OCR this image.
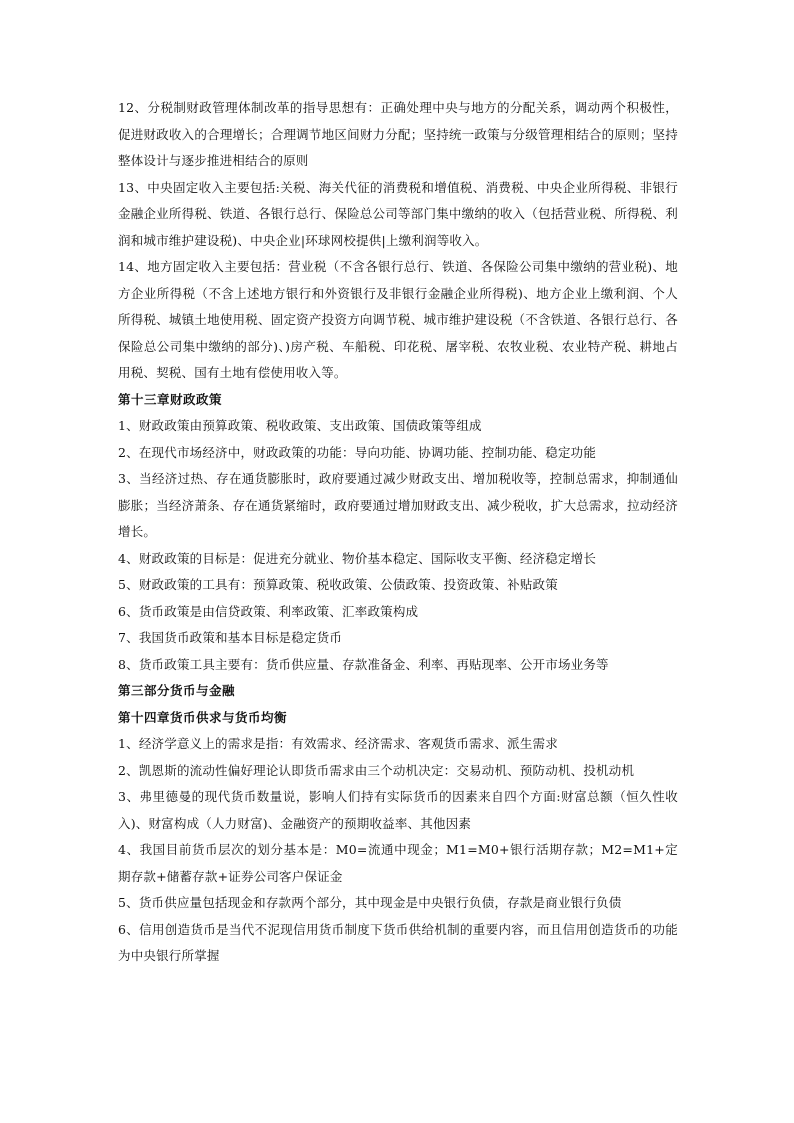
12、分税制财政管理体制改革的指导思想有：正确处理中央与地方的分配关系，调动两个积极性，促进财政收入的合理增长；合理调节地区间财力分配；坚持统一政策与分级管理相结合的原则；坚持整体设计与逐步推进相结合的原则

13、中央固定收入主要包括:关税、海关代征的消费税和增值税、消费税、中央企业所得税、非银行金融企业所得税、铁道、各银行总行、保险总公司等部门集中缴纳的收入（包括营业税、所得税、利润和城市维护建设税)、中央企业|环球网校提供|上缴利润等收入。

14、地方固定收入主要包括：营业税（不含各银行总行、铁道、各保险公司集中缴纳的营业税)、地方企业所得税（不含上述地方银行和外资银行及非银行金融企业所得税)、地方企业上缴利润、个人所得税、城镇土地使用税、固定资产投资方向调节税、城市维护建设税（不含铁道、各银行总行、各保险总公司集中缴纳的部分)、)房产税、车船税、印花税、屠宰税、农牧业税、农业特产税、耕地占用税、契税、国有土地有偿使用收入等。

第十三章财政政策

1、财政政策由预算政策、税收政策、支出政策、国债政策等组成

2、在现代市场经济中，财政政策的功能：导向功能、协调功能、控制功能、稳定功能

3、当经济过热、存在通货膨胀时，政府要通过减少财政支出、增加税收等，控制总需求，抑制通仙膨胀；当经济萧条、存在通货紧缩时，政府要通过增加财政支出、减少税收，扩大总需求，拉动经济增长。

4、财政政策的目标是：促进充分就业、物价基本稳定、国际收支平衡、经济稳定增长

5、财政政策的工具有：预算政策、税收政策、公债政策、投资政策、补贴政策

6、货币政策是由信贷政策、利率政策、汇率政策构成

7、我国货币政策和基本目标是稳定货币

8、货币政策工具主要有：货币供应量、存款准备金、利率、再贴现率、公开市场业务等

第三部分货币与金融

第十四章货币供求与货币均衡

1、经济学意义上的需求是指：有效需求、经济需求、客观货币需求、派生需求

2、凯恩斯的流动性偏好理论认即货币需求由三个动机决定：交易动机、预防动机、投机动机

3、弗里德曼的现代货币数量说，影响人们持有实际货币的因素来自四个方面:财富总额（恒久性收入)、财富构成（人力财富)、金融资产的预期收益率、其他因素

4、我国目前货币层次的划分基本是：M0=流通中现金；M1=M0+银行活期存款；M2=M1+定期存款+储蓄存款+证券公司客户保证金

5、货币供应量包括现金和存款两个部分，其中现金是中央银行负债，存款是商业银行负债

6、信用创造货币是当代不泥现信用货币制度下货币供给机制的重要内容，而且信用创造货币的功能为中央银行所掌握
